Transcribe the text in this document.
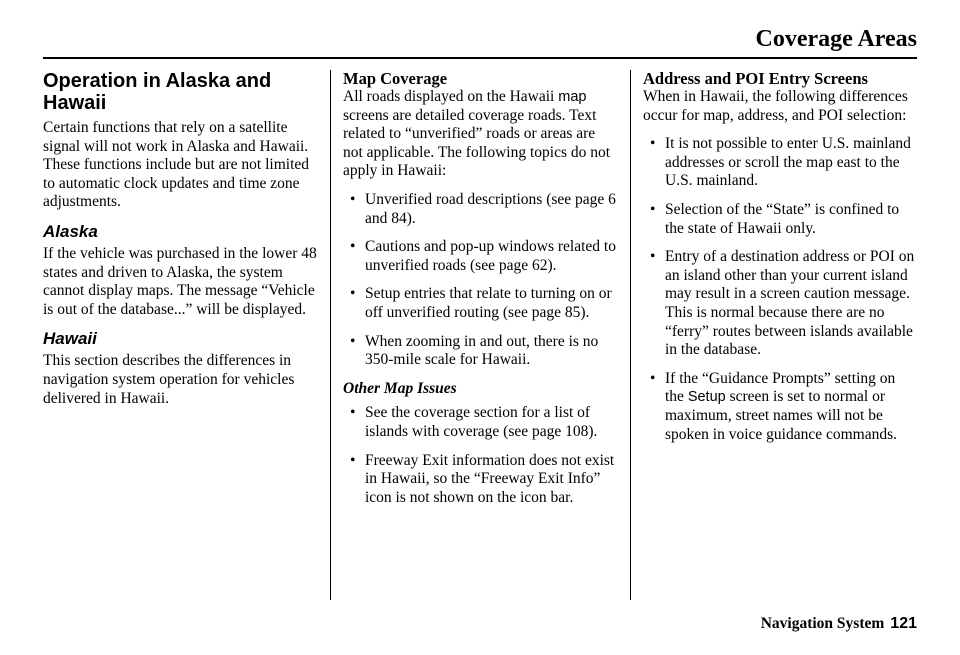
Coverage Areas
Operation in Alaska and Hawaii

Certain functions that rely on a satellite signal will not work in Alaska and Hawaii. These functions include but are not limited to automatic clock updates and time zone adjustments.

Alaska

If the vehicle was purchased in the lower 48 states and driven to Alaska, the system cannot display maps. The message “Vehicle is out of the database...” will be displayed.

Hawaii

This section describes the differences in navigation system operation for vehicles delivered in Hawaii.

Map Coverage

All roads displayed on the Hawaii map screens are detailed coverage roads. Text related to “unverified” roads or areas are not applicable. The following topics do not apply in Hawaii:

• Unverified road descriptions (see page 6 and 84).
• Cautions and pop-up windows related to unverified roads (see page 62).
• Setup entries that relate to turning on or off unverified routing (see page 85).
• When zooming in and out, there is no 350-mile scale for Hawaii.
Other Map Issues
• See the coverage section for a list of islands with coverage (see page 108).
• Freeway Exit information does not exist in Hawaii, so the “Freeway Exit Info” icon is not shown on the icon bar.
Address and POI Entry Screens

When in Hawaii, the following differences occur for map, address, and POI selection:

• It is not possible to enter U.S. mainland addresses or scroll the map east to the U.S. mainland.
• Selection of the “State” is confined to the state of Hawaii only.
• Entry of a destination address or POI on an island other than your current island may result in a screen caution message. This is normal because there are no “ferry” routes between islands available in the database.
• If the “Guidance Prompts” setting on the Setup screen is set to normal or maximum, street names will not be spoken in voice guidance commands.
Navigation System 121
